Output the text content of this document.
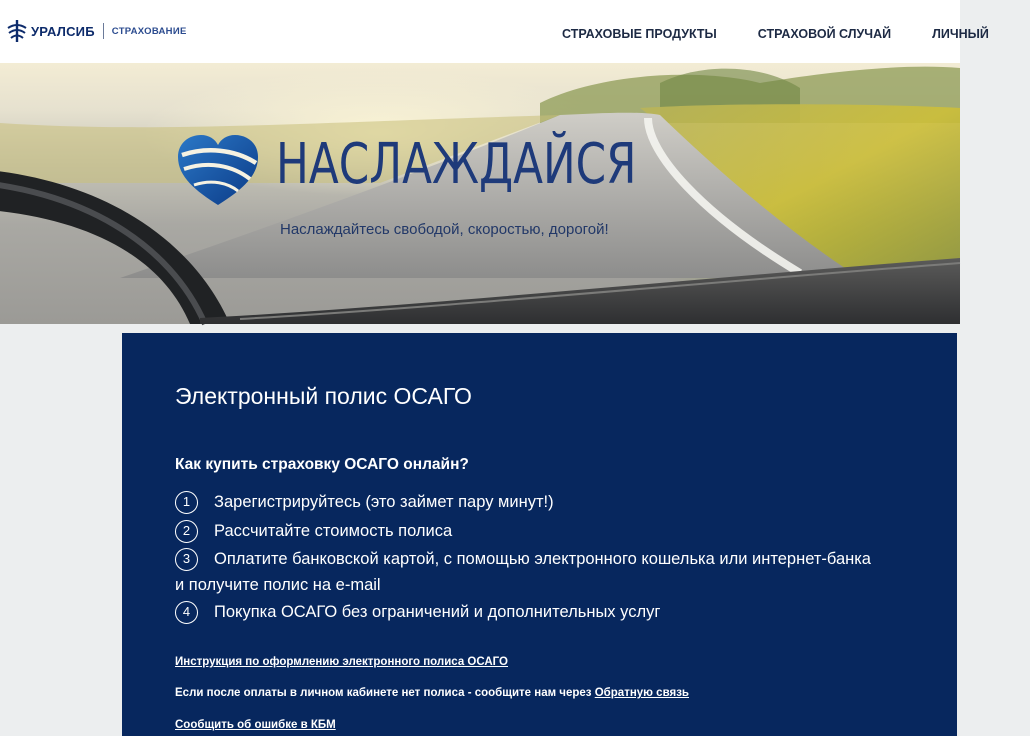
УРАЛСИБ СТРАХОВАНИЕ	СТРАХОВЫЕ ПРОДУКТЫ	СТРАХОВОЙ СЛУЧАЙ	ЛИЧНЫЙ
НАСЛАЖДАЙСЯ
Наслаждайтесь свободой, скоростью, дорогой!
Электронный полис ОСАГО
Как купить страховку ОСАГО онлайн?
1 Зарегистрируйтесь (это займет пару минут!)
2 Рассчитайте стоимость полиса
3 Оплатите банковской картой, с помощью электронного кошелька или интернет-банка и получите полис на e-mail
4 Покупка ОСАГО без ограничений и дополнительных услуг
Инструкция по оформлению электронного полиса ОСАГО
Если после оплаты в личном кабинете нет полиса - сообщите нам через Обратную связь
Сообщить об ошибке в КБМ
